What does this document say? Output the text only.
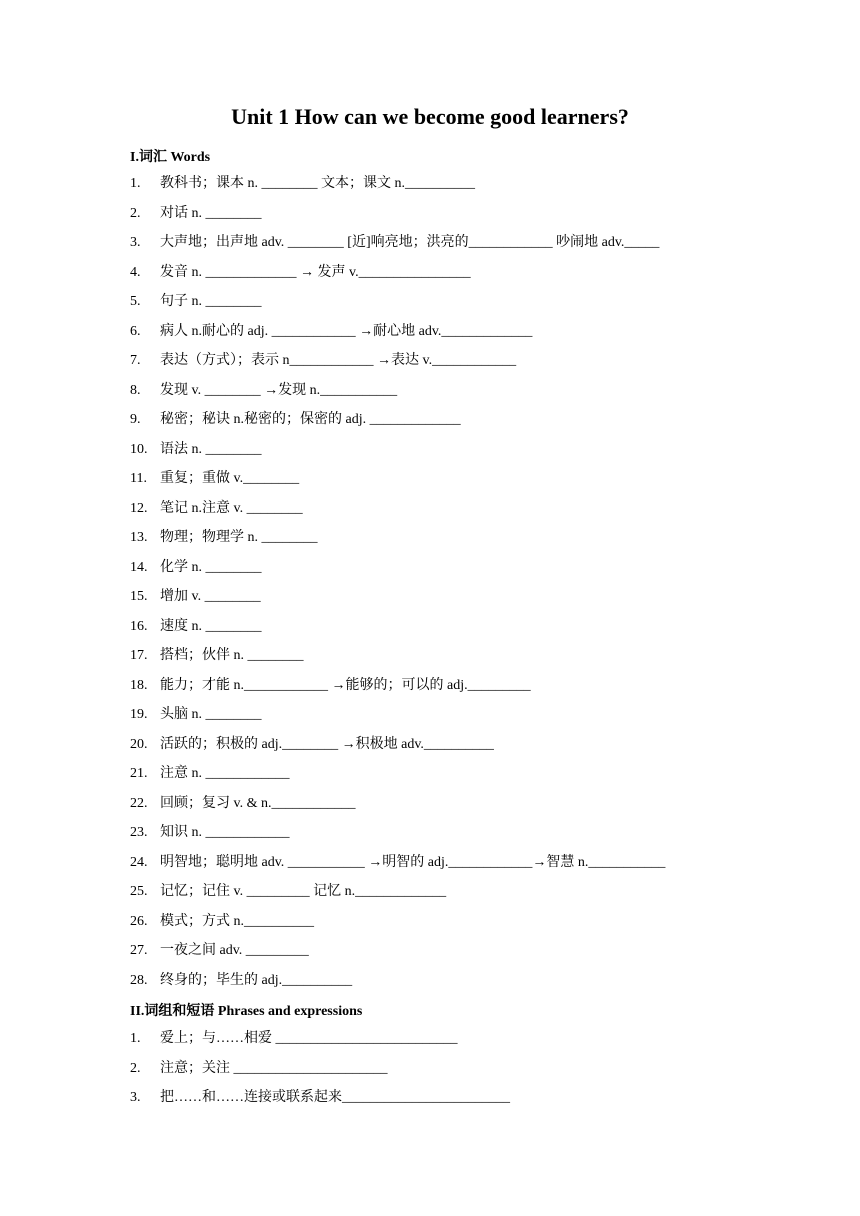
Unit 1 How can we become good learners?
I.词汇 Words
1. 教科书；课本 n. ________ 文本；课文 n.__________
2. 对话 n. ________
3. 大声地；出声地 adv. ________ [近]响亮地；洪亮的____________ 吵闹地 adv._____
4. 发音 n. _____________ → 发声 v.________________
5. 句子 n. ________
6. 病人 n.耐心的 adj. ____________ →耐心地 adv._____________
7. 表达（方式）；表示 n____________ →表达 v.____________
8. 发现 v. ________ →发现 n.___________
9. 秘密；秘诀 n.秘密的；保密的 adj. _____________
10. 语法 n. ________
11. 重复；重做 v.________
12. 笔记 n.注意 v. ________
13. 物理；物理学 n. ________
14. 化学 n. ________
15. 增加 v. ________
16. 速度 n. ________
17. 搭档；伙伴 n. ________
18. 能力；才能 n.____________ →能够的；可以的 adj._________
19. 头脑 n. ________
20. 活跃的；积极的 adj.________ →积极地 adv.__________
21. 注意 n. ____________
22. 回顾；复习 v. & n.____________
23. 知识 n. ____________
24. 明智地；聪明地 adv. ___________ →明智的 adj.____________→智慧 n.___________
25. 记忆；记住 v. _________ 记忆 n._____________
26. 模式；方式 n.__________
27. 一夜之间 adv. _________
28. 终身的；毕生的 adj.__________
II.词组和短语 Phrases and expressions
1. 爱上；与……相爱 __________________________
2. 注意；关注 ______________________
3. 把……和……连接或联系起来________________________
